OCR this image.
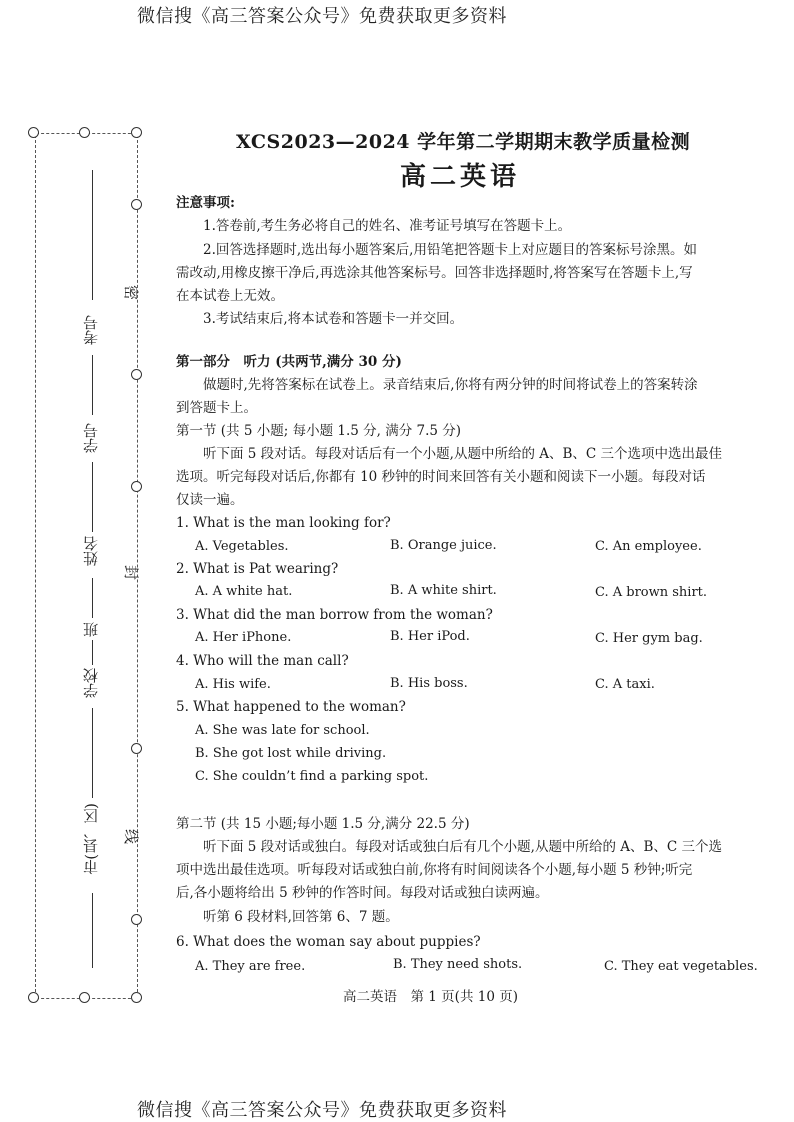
微信搜《高三答案公众号》免费获取更多资料
微信搜《高三答案公众号》免费获取更多资料
考号
学号
姓名
班
学校
市(县、区)
密
封
线
XCS2023—2024 学年第二学期期末教学质量检测
高二英语
注意事项:
1.答卷前,考生务必将自己的姓名、准考证号填写在答题卡上。
2.回答选择题时,选出每小题答案后,用铅笔把答题卡上对应题目的答案标号涂黑。如
需改动,用橡皮擦干净后,再选涂其他答案标号。回答非选择题时,将答案写在答题卡上,写
在本试卷上无效。
3.考试结束后,将本试卷和答题卡一并交回。
第一部分　听力 (共两节,满分 30 分)
做题时,先将答案标在试卷上。录音结束后,你将有两分钟的时间将试卷上的答案转涂
到答题卡上。
第一节 (共 5 小题; 每小题 1.5 分, 满分 7.5 分)
听下面 5 段对话。每段对话后有一个小题,从题中所给的 A、B、C 三个选项中选出最佳
选项。听完每段对话后,你都有 10 秒钟的时间来回答有关小题和阅读下一小题。每段对话
仅读一遍。
1. What is the man looking for?
A. Vegetables.	B. Orange juice.	C. An employee.
2. What is Pat wearing?
A. A white hat.	B. A white shirt.	C. A brown shirt.
3. What did the man borrow from the woman?
A. Her iPhone.	B. Her iPod.	C. Her gym bag.
4. Who will the man call?
A. His wife.	B. His boss.	C. A taxi.
5. What happened to the woman?
A. She was late for school.
B. She got lost while driving.
C. She couldn’t find a parking spot.
第二节 (共 15 小题;每小题 1.5 分,满分 22.5 分)
听下面 5 段对话或独白。每段对话或独白后有几个小题,从题中所给的 A、B、C 三个选
项中选出最佳选项。听每段对话或独白前,你将有时间阅读各个小题,每小题 5 秒钟;听完
后,各小题将给出 5 秒钟的作答时间。每段对话或独白读两遍。
听第 6 段材料,回答第 6、7 题。
6. What does the woman say about puppies?
A. They are free.	B. They need shots.	C. They eat vegetables.
高二英语　第 1 页(共 10 页)
